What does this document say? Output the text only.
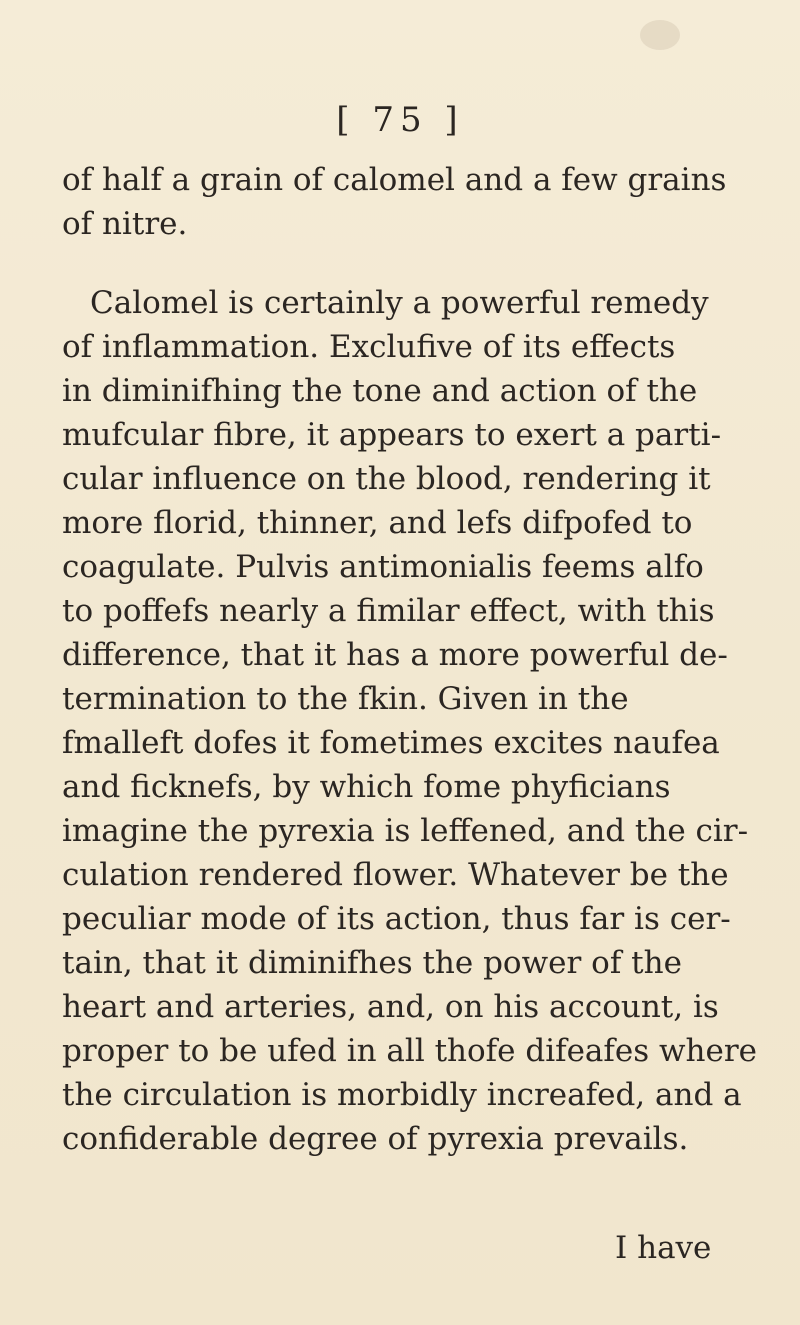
[ 75 ]
of half a grain of calomel and a few grains
of nitre.
Calomel is certainly a powerful remedy
of inflammation. Exclufive of its effects
in diminifhing the tone and action of the
mufcular fibre, it appears to exert a parti-
cular influence on the blood, rendering it
more florid, thinner, and lefs difpofed to
coagulate. Pulvis antimonialis feems alfo
to poffefs nearly a fimilar effect, with this
difference, that it has a more powerful de-
termination to the fkin. Given in the
fmalleft dofes it fometimes excites naufea
and ficknefs, by which fome phyficians
imagine the pyrexia is leffened, and the cir-
culation rendered flower. Whatever be the
peculiar mode of its action, thus far is cer-
tain, that it diminifhes the power of the
heart and arteries, and, on his account, is
proper to be ufed in all thofe difeafes where
the circulation is morbidly increafed, and a
confiderable degree of pyrexia prevails.
I have
